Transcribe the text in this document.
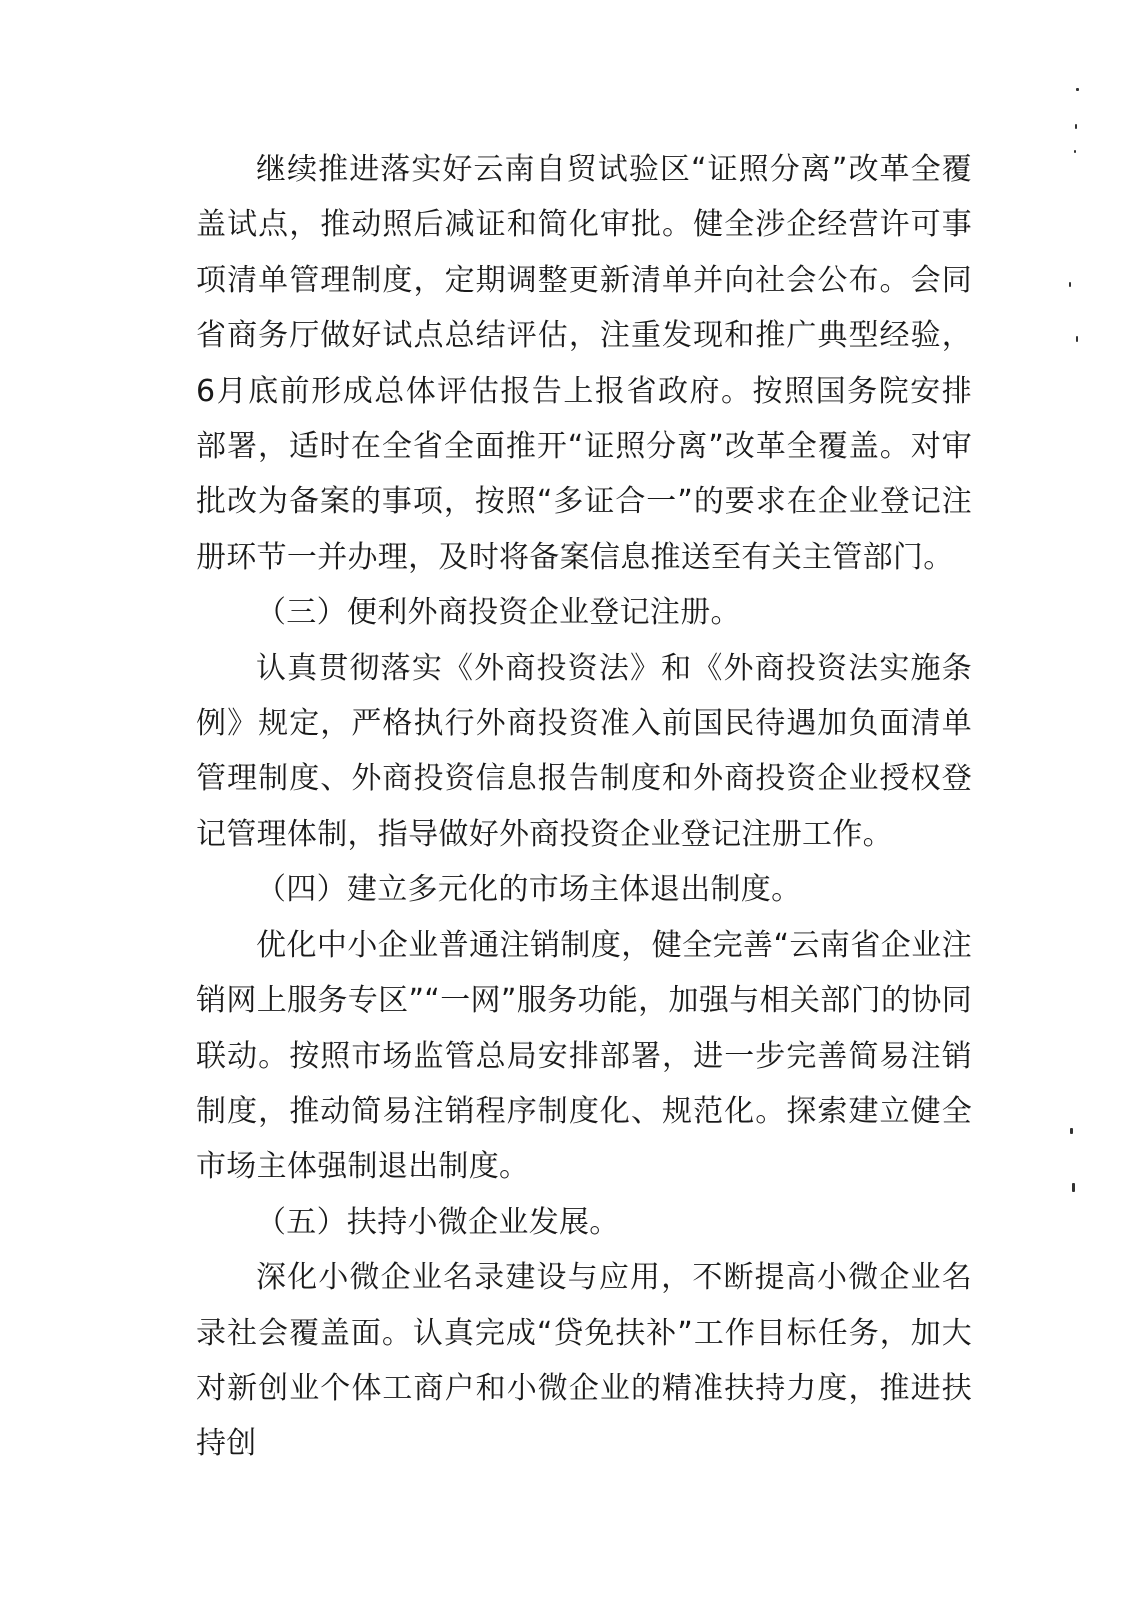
继续推进落实好云南自贸试验区“证照分离”改革全覆盖试点，推动照后减证和简化审批。健全涉企经营许可事项清单管理制度，定期调整更新清单并向社会公布。会同省商务厅做好试点总结评估，注重发现和推广典型经验，6月底前形成总体评估报告上报省政府。按照国务院安排部署，适时在全省全面推开“证照分离”改革全覆盖。对审批改为备案的事项，按照“多证合一”的要求在企业登记注册环节一并办理，及时将备案信息推送至有关主管部门。

（三）便利外商投资企业登记注册。

认真贯彻落实《外商投资法》和《外商投资法实施条例》规定，严格执行外商投资准入前国民待遇加负面清单管理制度、外商投资信息报告制度和外商投资企业授权登记管理体制，指导做好外商投资企业登记注册工作。

（四）建立多元化的市场主体退出制度。

优化中小企业普通注销制度，健全完善“云南省企业注销网上服务专区”“一网”服务功能，加强与相关部门的协同联动。按照市场监管总局安排部署，进一步完善简易注销制度，推动简易注销程序制度化、规范化。探索建立健全市场主体强制退出制度。

（五）扶持小微企业发展。

深化小微企业名录建设与应用，不断提高小微企业名录社会覆盖面。认真完成“贷免扶补”工作目标任务，加大对新创业个体工商户和小微企业的精准扶持力度，推进扶持创
